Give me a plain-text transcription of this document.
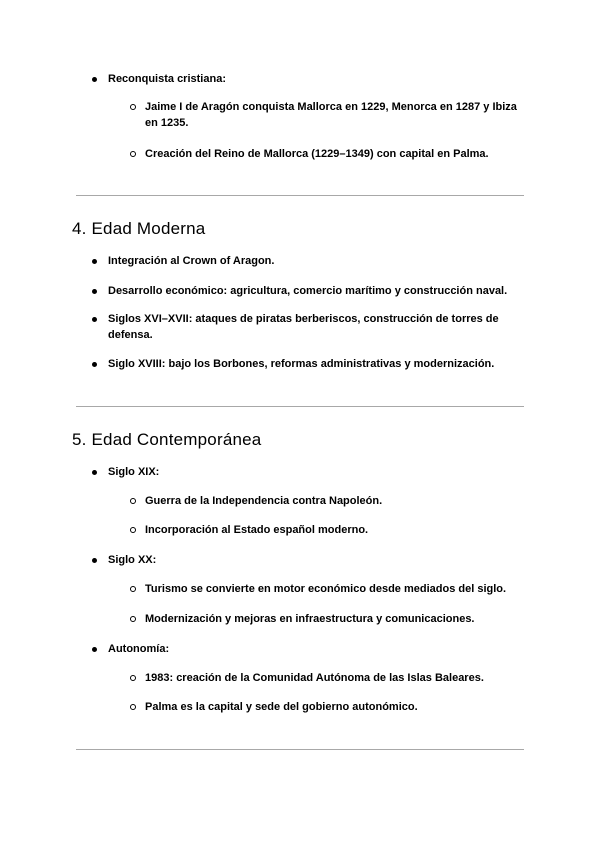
Reconquista cristiana:
Jaime I de Aragón conquista Mallorca en 1229, Menorca en 1287 y Ibiza en 1235.
Creación del Reino de Mallorca (1229–1349) con capital en Palma.
4. Edad Moderna
Integración al Crown of Aragon.
Desarrollo económico: agricultura, comercio marítimo y construcción naval.
Siglos XVI–XVII: ataques de piratas berberiscos, construcción de torres de defensa.
Siglo XVIII: bajo los Borbones, reformas administrativas y modernización.
5. Edad Contemporánea
Siglo XIX:
Guerra de la Independencia contra Napoleón.
Incorporación al Estado español moderno.
Siglo XX:
Turismo se convierte en motor económico desde mediados del siglo.
Modernización y mejoras en infraestructura y comunicaciones.
Autonomía:
1983: creación de la Comunidad Autónoma de las Islas Baleares.
Palma es la capital y sede del gobierno autonómico.
